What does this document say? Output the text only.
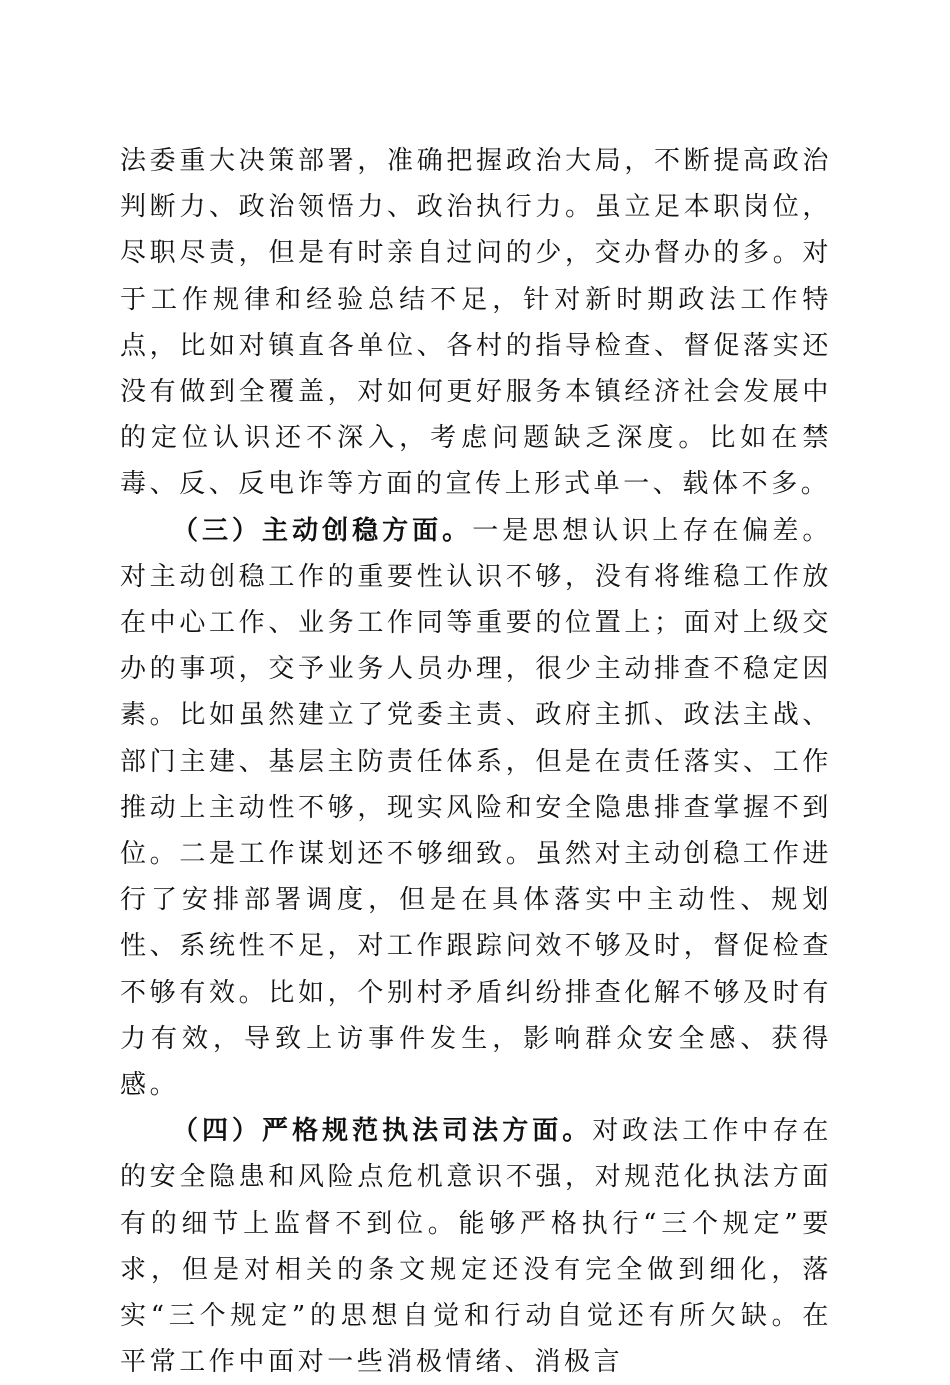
法委重大决策部署，准确把握政治大局，不断提高政治判断力、政治领悟力、政治执行力。虽立足本职岗位，尽职尽责，但是有时亲自过问的少，交办督办的多。对于工作规律和经验总结不足，针对新时期政法工作特点，比如对镇直各单位、各村的指导检查、督促落实还没有做到全覆盖，对如何更好服务本镇经济社会发展中的定位认识还不深入，考虑问题缺乏深度。比如在禁毒、反、反电诈等方面的宣传上形式单一、载体不多。

（三）主动创稳方面。一是思想认识上存在偏差。对主动创稳工作的重要性认识不够，没有将维稳工作放在中心工作、业务工作同等重要的位置上；面对上级交办的事项，交予业务人员办理，很少主动排查不稳定因素。比如虽然建立了党委主责、政府主抓、政法主战、部门主建、基层主防责任体系，但是在责任落实、工作推动上主动性不够，现实风险和安全隐患排查掌握不到位。二是工作谋划还不够细致。虽然对主动创稳工作进行了安排部署调度，但是在具体落实中主动性、规划性、系统性不足，对工作跟踪问效不够及时，督促检查不够有效。比如，个别村矛盾纠纷排查化解不够及时有力有效，导致上访事件发生，影响群众安全感、获得感。

（四）严格规范执法司法方面。对政法工作中存在的安全隐患和风险点危机意识不强，对规范化执法方面有的细节上监督不到位。能够严格执行“三个规定”要求，但是对相关的条文规定还没有完全做到细化，落实“三个规定”的思想自觉和行动自觉还有所欠缺。在平常工作中面对一些消极情绪、消极言
